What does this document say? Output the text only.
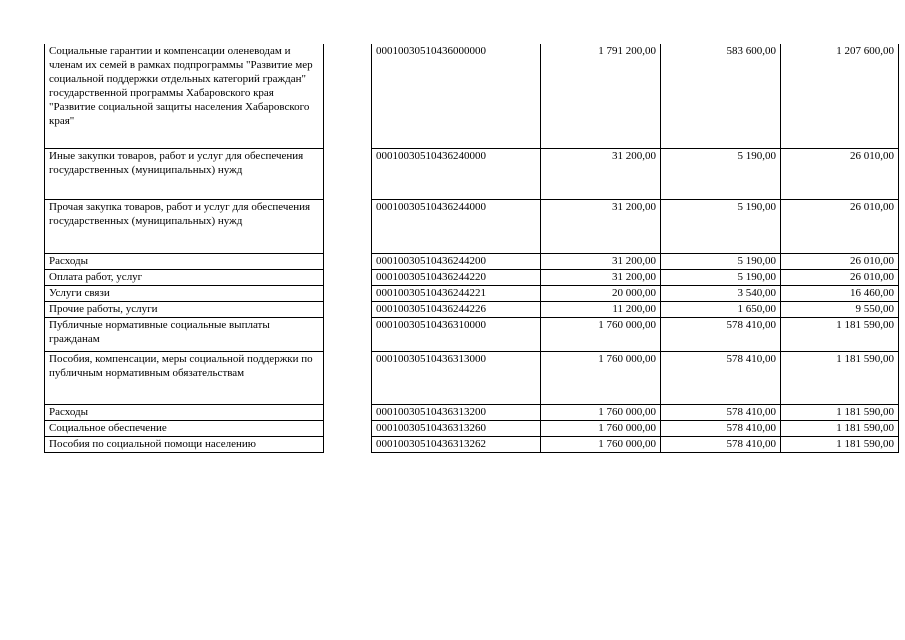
Социальные гарантии и компенсации оленеводам и членам их семей в рамках подпрограммы "Развитие мер социальной поддержки отдельных категорий граждан" государственной программы Хабаровского края "Развитие социальной защиты населения Хабаровского края"		00010030510436000000	1 791 200,00	583 600,00	1 207 600,00
Иные закупки товаров, работ и услуг для обеспечения государственных (муниципальных) нужд		00010030510436240000	31 200,00	5 190,00	26 010,00
Прочая закупка товаров, работ и услуг для обеспечения государственных (муниципальных) нужд		00010030510436244000	31 200,00	5 190,00	26 010,00
Расходы		00010030510436244200	31 200,00	5 190,00	26 010,00
Оплата работ, услуг		00010030510436244220	31 200,00	5 190,00	26 010,00
Услуги связи		00010030510436244221	20 000,00	3 540,00	16 460,00
Прочие работы, услуги		00010030510436244226	11 200,00	1 650,00	9 550,00
Публичные нормативные социальные выплаты гражданам		00010030510436310000	1 760 000,00	578 410,00	1 181 590,00
Пособия, компенсации, меры социальной поддержки по публичным нормативным обязательствам		00010030510436313000	1 760 000,00	578 410,00	1 181 590,00
Расходы		00010030510436313200	1 760 000,00	578 410,00	1 181 590,00
Социальное обеспечение		00010030510436313260	1 760 000,00	578 410,00	1 181 590,00
Пособия по социальной помощи населению		00010030510436313262	1 760 000,00	578 410,00	1 181 590,00
